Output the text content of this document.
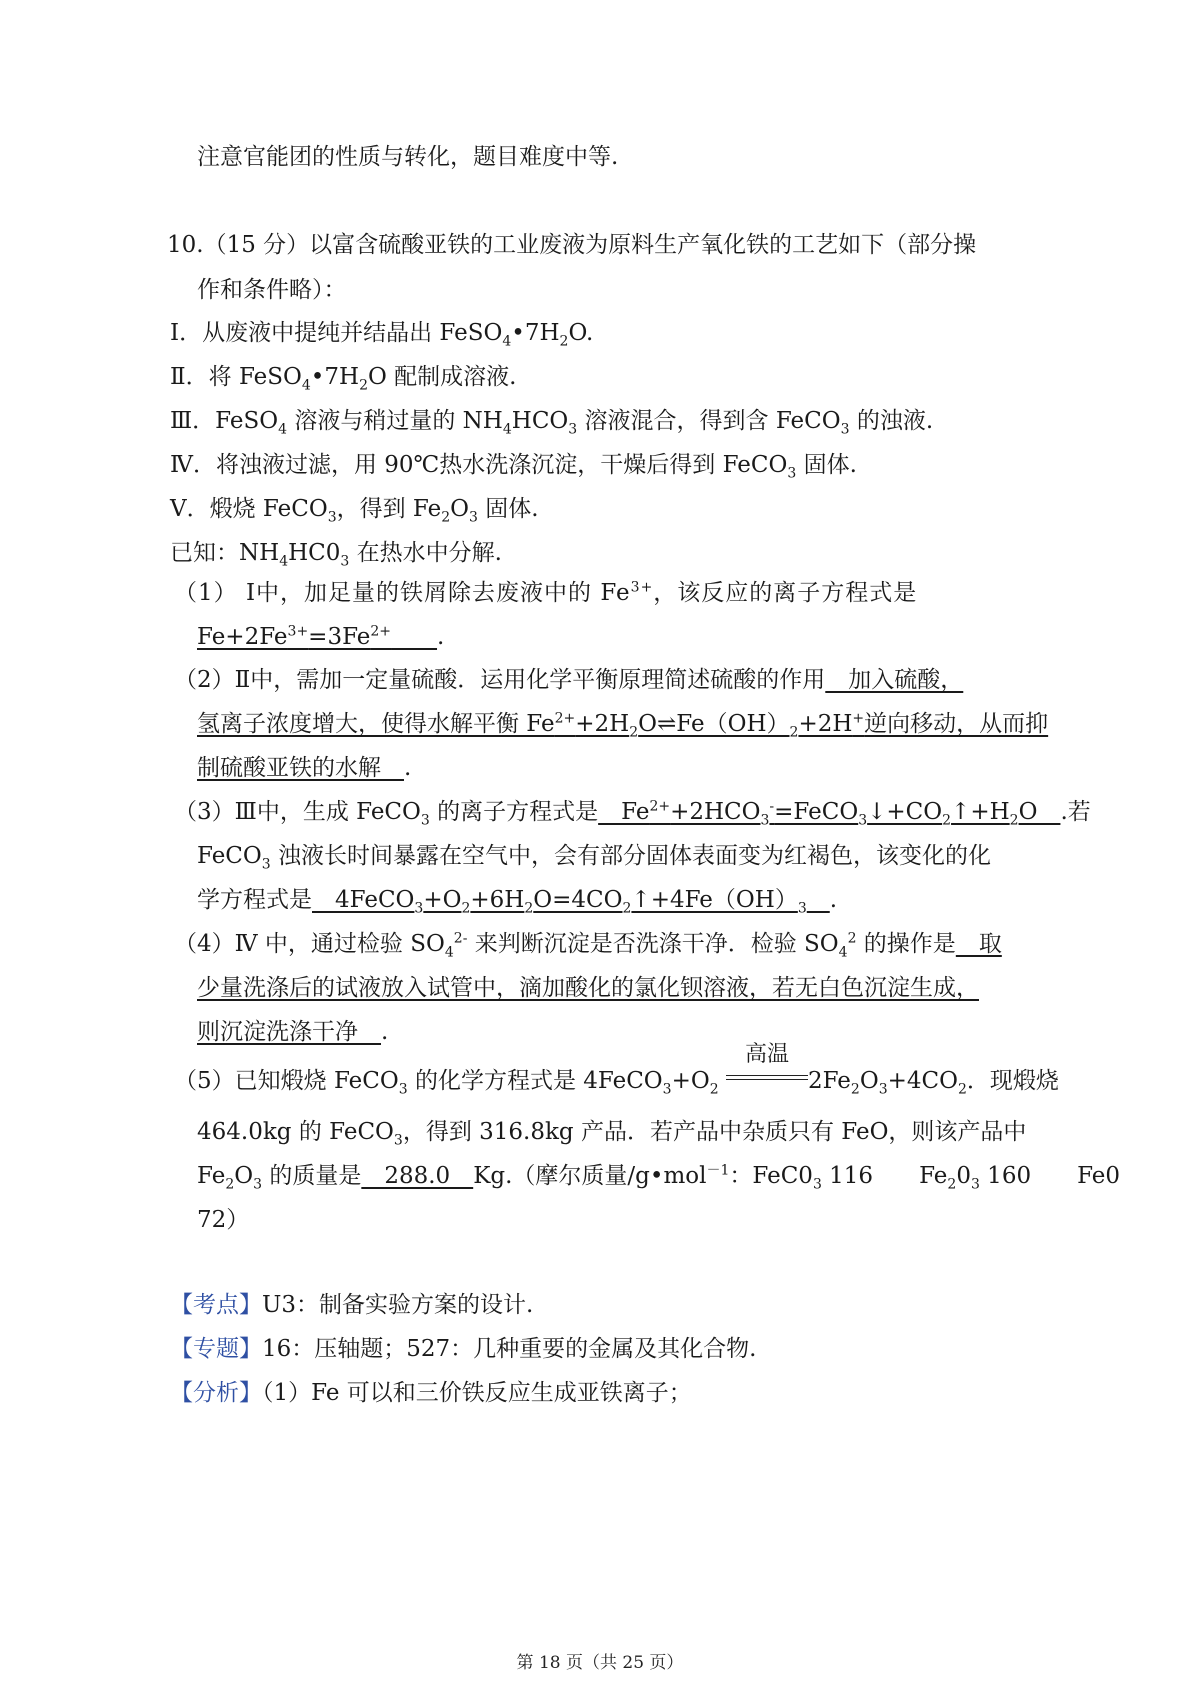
注意官能团的性质与转化，题目难度中等.
10.（15 分）以富含硫酸亚铁的工业废液为原料生产氧化铁的工艺如下（部分操
作和条件略）：
Ⅰ．从废液中提纯并结晶出 $FeSO_4•7H_2O$.
Ⅱ．将 $FeSO_4•7H_2O$ 配制成溶液.
Ⅲ．FeSO$_4$ 溶液与稍过量的 $NH_4HCO_3$ 溶液混合，得到含 FeCO$_3$ 的浊液.
Ⅳ．将浊液过滤，用 90℃热水洗涤沉淀，干燥后得到 FeCO$_3$ 固体.
V．煅烧 FeCO$_3$，得到 $Fe_2O_3$ 固体.
已知：$NH_4HC0_3$ 在热水中分解.
（1） Ⅰ中，加足量的铁屑除去废液中的 $Fe^{3+}$，该反应的离子方程式是
$Fe+2Fe^{3+}=3Fe^{2+}$　　 .
（2）Ⅱ中，需加一定量硫酸．运用化学平衡原理简述硫酸的作用　加入硫酸，
氢离子浓度增大，使得水解平衡 $Fe^{2+}+2H_2O\rightleftharpoons Fe(OH)_2+2H^+$逆向移动，从而抑
制硫酸亚铁的水解　.
（3）Ⅲ中，生成 FeCO$_3$ 的离子方程式是　$Fe^{2+}+2HCO_3^-=FeCO_3↓+CO_2↑+H_2O$　.若
FeCO$_3$ 浊液长时间暴露在空气中，会有部分固体表面变为红褐色，该变化的化
学方程式是　$4FeCO_3+O_2+6H_2O=4CO_2↑+4Fe(OH)_3$　 .
（4）Ⅳ 中，通过检验 $SO_4^{2-}$ 来判断沉淀是否洗涤干净．检验 $SO_4^2$ 的操作是　取
少量洗涤后的试液放入试管中，滴加酸化的氯化钡溶液，若无白色沉淀生成，
则沉淀洗涤干净　.
（5）已知煅烧 FeCO$_3$ 的化学方程式是 $4FeCO_3+O_2$
高温
$2Fe_2O_3+4CO_2$．现煅烧
464.0kg 的 FeCO$_3$，得到 316.8kg 产品．若产品中杂质只有 FeO，则该产品中
$Fe_2O_3$ 的质量是　288.0　Kg.（摩尔质量/g•mol$^{-1}$：$FeC0_3$ 116　　$Fe_20_3$ 160　　Fe0
72）
【考点】U3：制备实验方案的设计.
【专题】16：压轴题；527：几种重要的金属及其化合物.
【分析】（1）Fe 可以和三价铁反应生成亚铁离子；
第 18 页（共 25 页）
